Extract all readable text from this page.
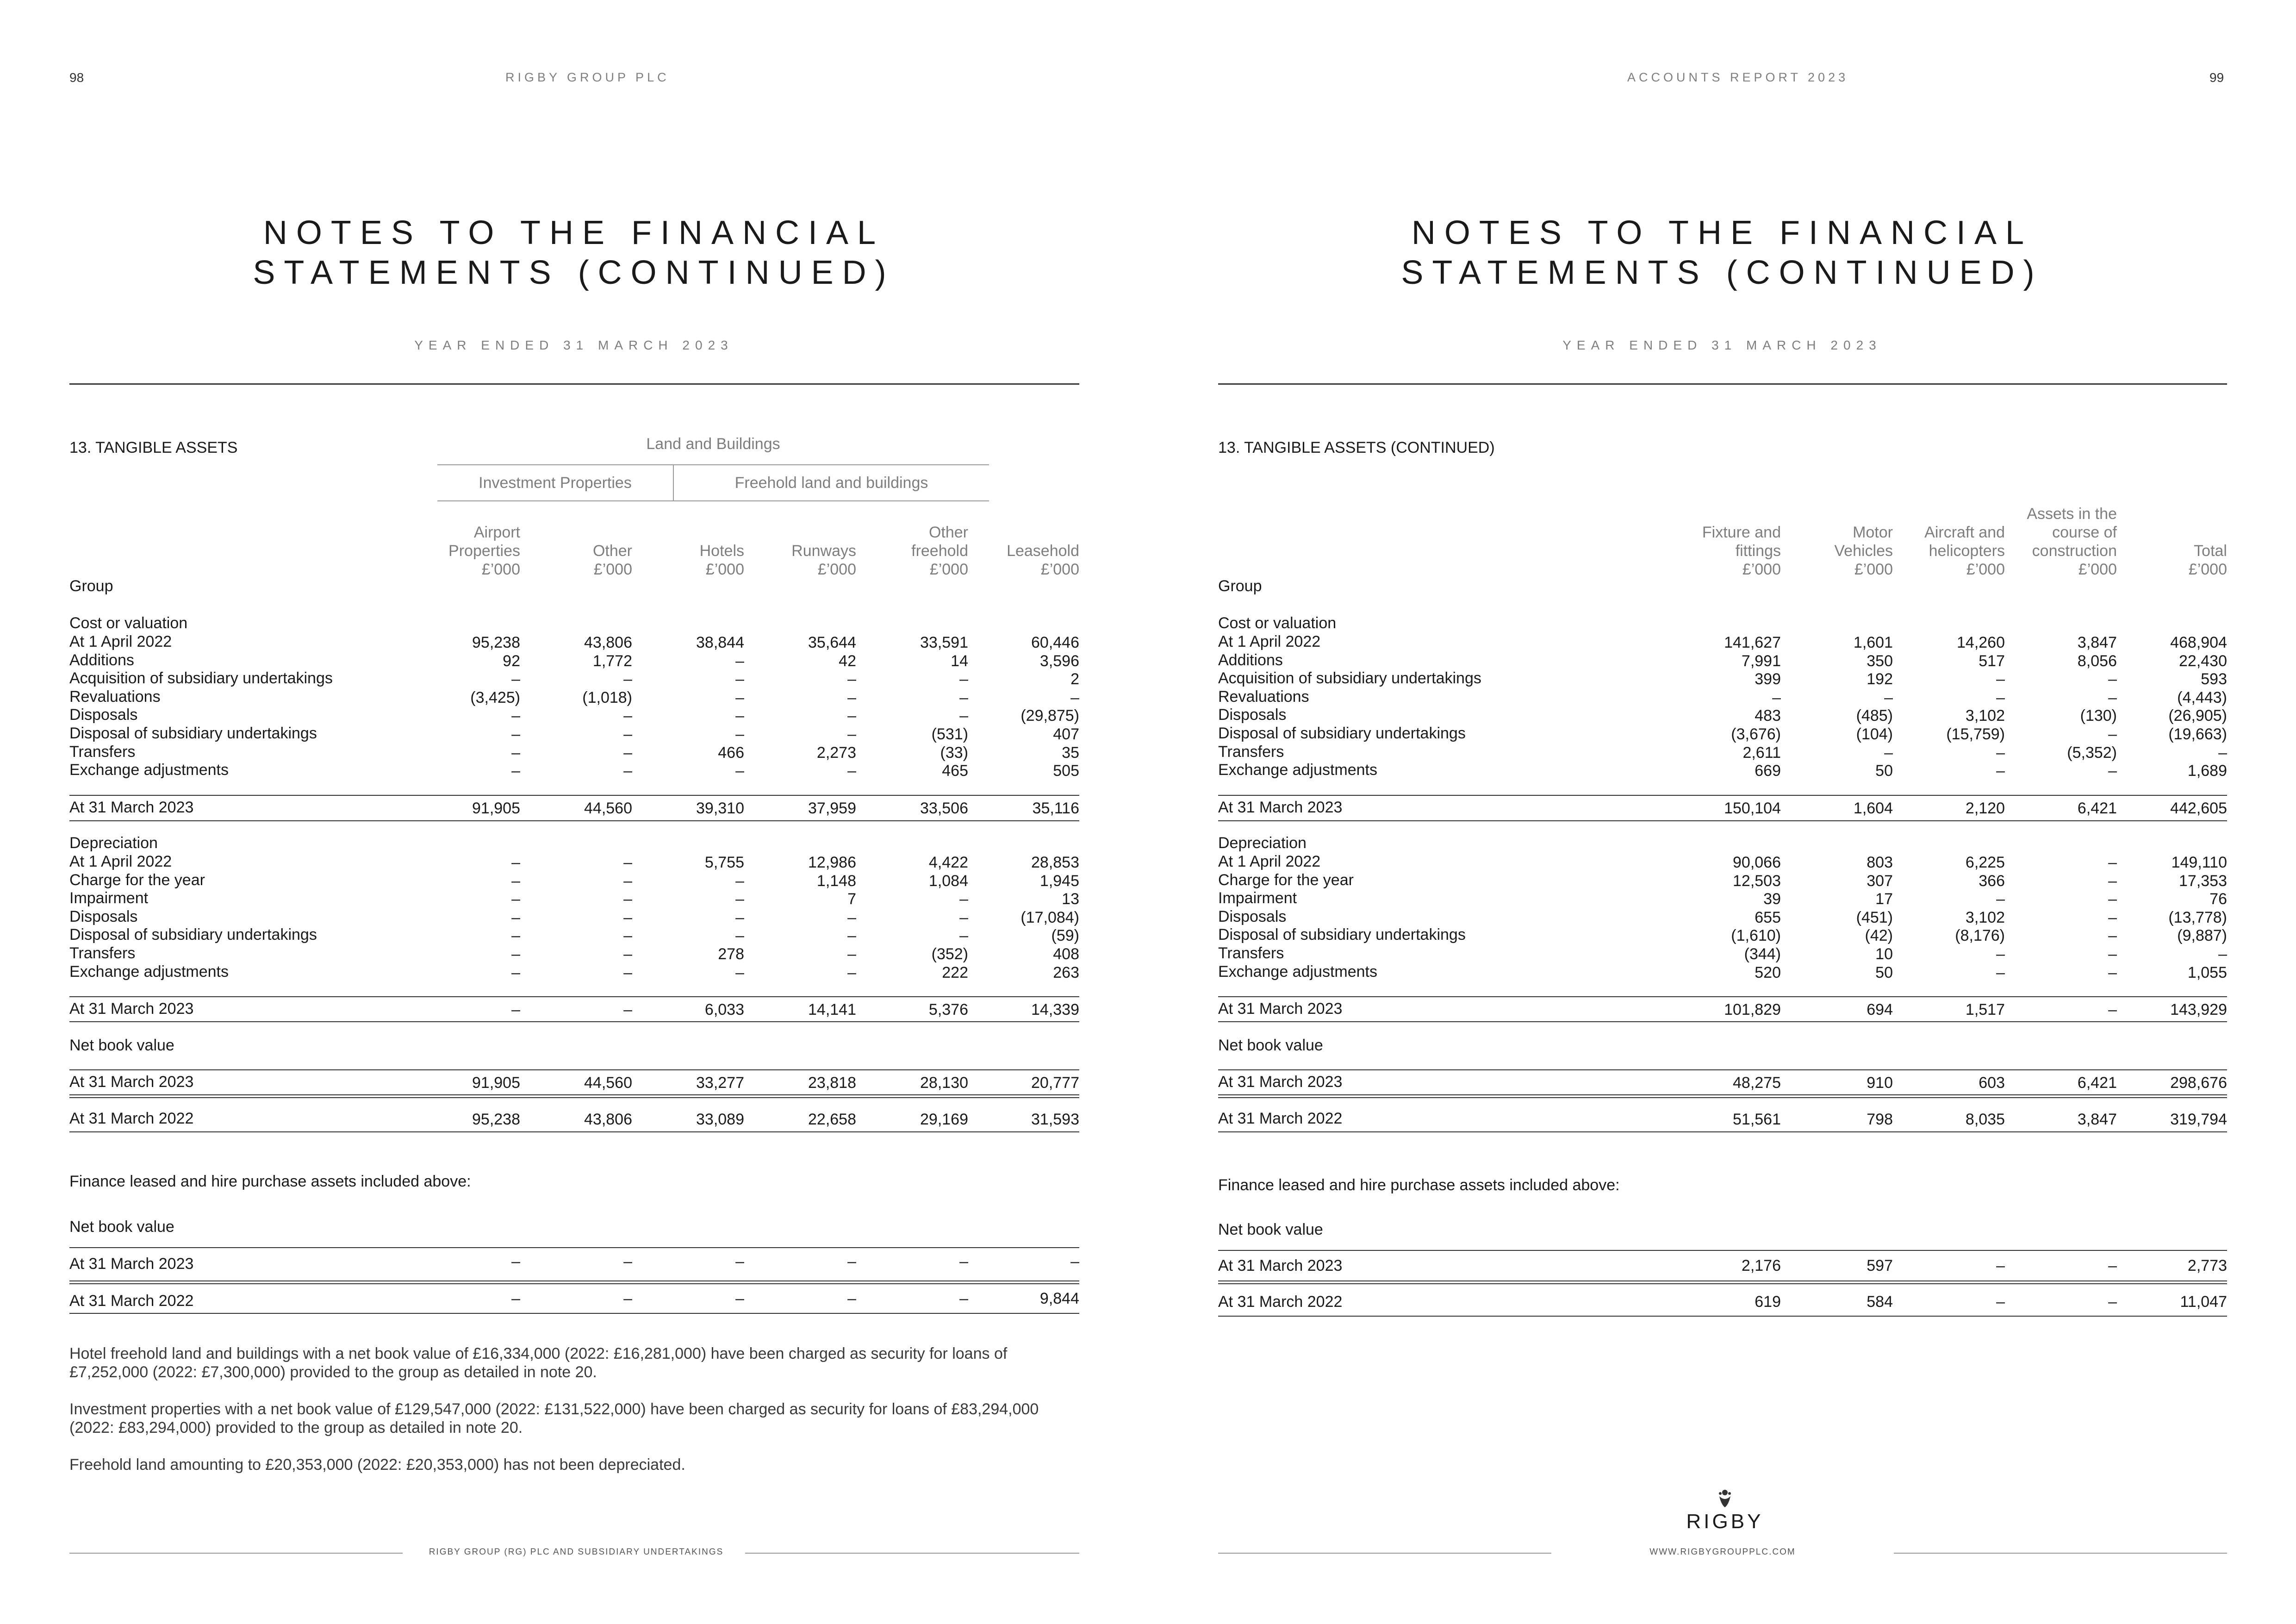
98	RIGBY GROUP PLC
NOTES TO THE FINANCIAL
STATEMENTS (CONTINUED)
YEAR ENDED 31 MARCH 2023
13. TANGIBLE ASSETS	Land and Buildings
Investment Properties	Freehold land and buildings
Airport
Properties
£’000
Other
£’000
Hotels
£’000
Runways
£’000
Other
freehold
£’000
Leasehold
£’000
Group
Cost or valuation
At 1 April 2022	95,238	43,806	38,844	35,644	33,591	60,446
Additions	92	1,772	–	42	14	3,596
Acquisition of subsidiary undertakings	–	–	–	–	–	2
Revaluations	(3,425)	(1,018)	–	–	–	–
Disposals	–	–	–	–	–	(29,875)
Disposal of subsidiary undertakings	–	–	–	–	(531)	407
Transfers	–	–	466	2,273	(33)	35
Exchange adjustments	–	–	–	–	465	505
At 31 March 2023	91,905	44,560	39,310	37,959	33,506	35,116
Depreciation
At 1 April 2022	–	–	5,755	12,986	4,422	28,853
Charge for the year	–	–	–	1,148	1,084	1,945
Impairment	–	–	–	7	–	13
Disposals	–	–	–	–	–	(17,084)
Disposal of subsidiary undertakings	–	–	–	–	–	(59)
Transfers	–	–	278	–	(352)	408
Exchange adjustments	–	–	–	–	222	263
At 31 March 2023	–	–	6,033	14,141	5,376	14,339
Net book value
At 31 March 2023	91,905	44,560	33,277	23,818	28,130	20,777
At 31 March 2022	95,238	43,806	33,089	22,658	29,169	31,593
Net book value
At 31 March 2023	–	–	–	–	–	–
At 31 March 2022	–	–	–	–	–	9,844
Finance leased and hire purchase assets included above:
Hotel freehold land and buildings with a net book value of £16,334,000 (2022: £16,281,000) have been charged as security for loans of £7,252,000 (2022: £7,300,000) provided to the group as detailed in note 20.
Investment properties with a net book value of £129,547,000 (2022: £131,522,000) have been charged as security for loans of £83,294,000 (2022: £83,294,000) provided to the group as detailed in note 20.
Freehold land amounting to £20,353,000 (2022: £20,353,000) has not been depreciated.
RIGBY GROUP (RG) PLC AND SUBSIDIARY UNDERTAKINGS
ACCOUNTS REPORT 2023	99
NOTES TO THE FINANCIAL
STATEMENTS (CONTINUED)
YEAR ENDED 31 MARCH 2023
13. TANGIBLE ASSETS (CONTINUED)
Fixture and
fittings
£’000
Motor
Vehicles
£’000
Aircraft and
helicopters
£’000
Assets in the
course of
construction
£’000
Total
£’000
Group
Cost or valuation
At 1 April 2022	141,627	1,601	14,260	3,847	468,904
Additions	7,991	350	517	8,056	22,430
Acquisition of subsidiary undertakings	399	192	–	–	593
Revaluations	–	–	–	–	(4,443)
Disposals	483	(485)	3,102	(130)	(26,905)
Disposal of subsidiary undertakings	(3,676)	(104)	(15,759)	–	(19,663)
Transfers	2,611	–	–	(5,352)	–
Exchange adjustments	669	50	–	–	1,689
At 31 March 2023	150,104	1,604	2,120	6,421	442,605
Depreciation
At 1 April 2022	90,066	803	6,225	–	149,110
Charge for the year	12,503	307	366	–	17,353
Impairment	39	17	–	–	76
Disposals	655	(451)	3,102	–	(13,778)
Disposal of subsidiary undertakings	(1,610)	(42)	(8,176)	–	(9,887)
Transfers	(344)	10	–	–	–
Exchange adjustments	520	50	–	–	1,055
At 31 March 2023	101,829	694	1,517	–	143,929
Net book value
At 31 March 2023	48,275	910	603	6,421	298,676
At 31 March 2022	51,561	798	8,035	3,847	319,794
Net book value
At 31 March 2023	2,176	597	–	–	2,773
At 31 March 2022	619	584	–	–	11,047
Finance leased and hire purchase assets included above:
RIGBY
WWW.RIGBYGROUPPLC.COM
